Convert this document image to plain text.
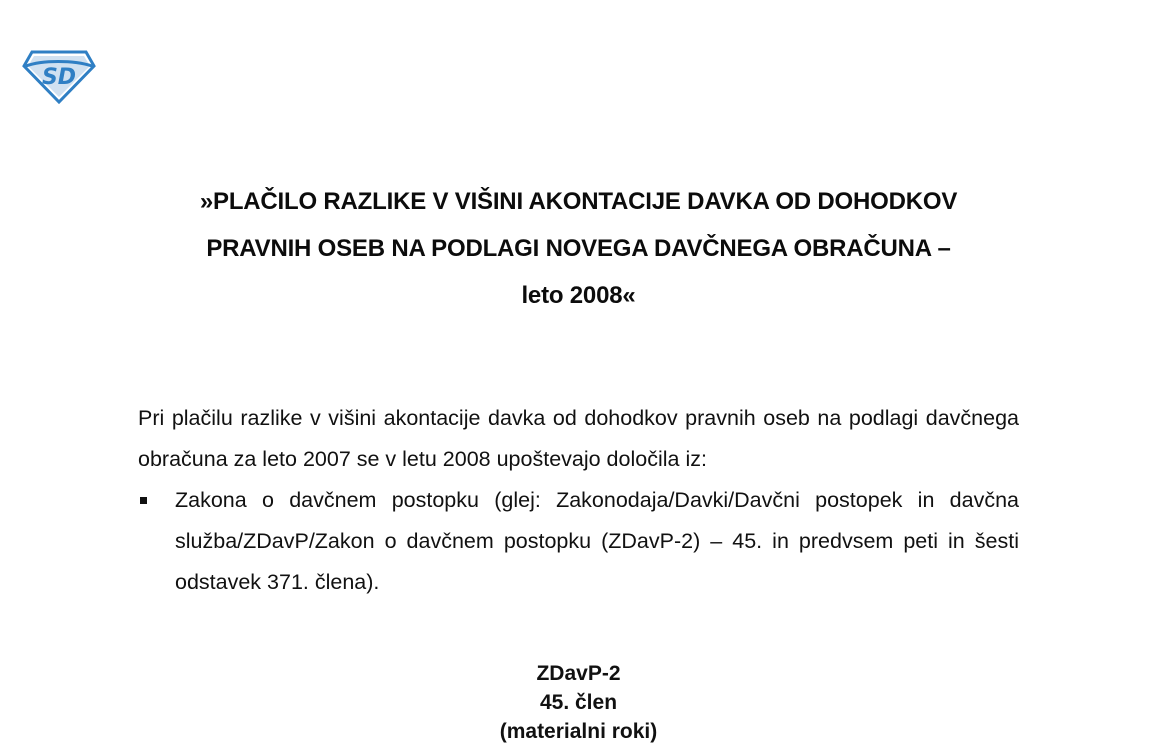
SD
»PLAČILO RAZLIKE V VIŠINI AKONTACIJE DAVKA OD DOHODKOV
PRAVNIH OSEB NA PODLAGI NOVEGA DAVČNEGA OBRAČUNA –
leto 2008«

Pri plačilu razlike v višini akontacije davka od dohodkov pravnih oseb na podlagi davčnega obračuna za leto 2007 se v letu 2008 upoštevajo določila iz:

Zakona o davčnem postopku (glej: Zakonodaja/Davki/Davčni postopek in davčna služba/ZDavP/Zakon o davčnem postopku (ZDavP-2) – 45. in predvsem peti in šesti odstavek 371. člena).
ZDavP-2
45. člen
(materialni roki)
